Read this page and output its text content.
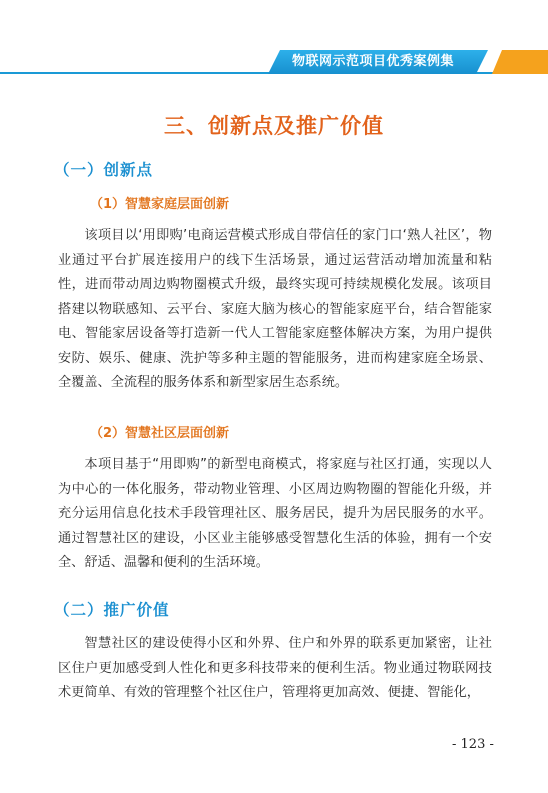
物联网示范项目优秀案例集
三、创新点及推广价值
（一）创新点
（1）智慧家庭层面创新
该项目以‘用即购’电商运营模式形成自带信任的家门口‘熟人社区’，物业通过平台扩展连接用户的线下生活场景，通过运营活动增加流量和粘性，进而带动周边购物圈模式升级，最终实现可持续规模化发展。该项目搭建以物联感知、云平台、家庭大脑为核心的智能家庭平台，结合智能家电、智能家居设备等打造新一代人工智能家庭整体解决方案，为用户提供安防、娱乐、健康、洗护等多种主题的智能服务，进而构建家庭全场景、全覆盖、全流程的服务体系和新型家居生态系统。
（2）智慧社区层面创新
本项目基于“用即购”的新型电商模式，将家庭与社区打通，实现以人为中心的一体化服务，带动物业管理、小区周边购物圈的智能化升级，并充分运用信息化技术手段管理社区、服务居民，提升为居民服务的水平。通过智慧社区的建设，小区业主能够感受智慧化生活的体验，拥有一个安全、舒适、温馨和便利的生活环境。
（二）推广价值
智慧社区的建设使得小区和外界、住户和外界的联系更加紧密，让社区住户更加感受到人性化和更多科技带来的便利生活。物业通过物联网技术更简单、有效的管理整个社区住户，管理将更加高效、便捷、智能化，
- 123 -
